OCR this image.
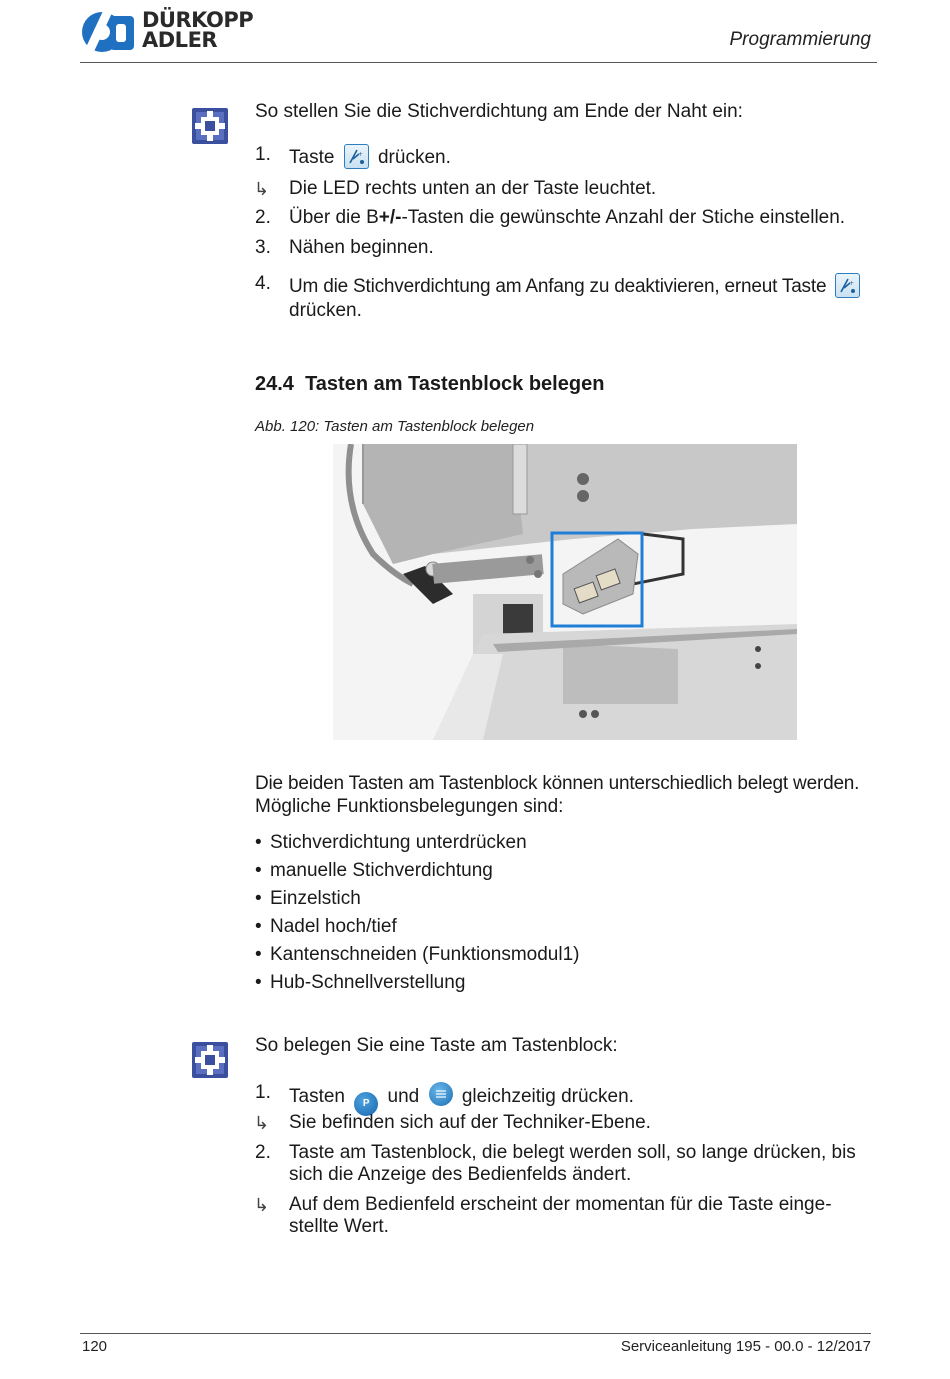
DÜRKOPP
ADLER	Programmierung
So stellen Sie die Stichverdichtung am Ende der Naht ein:
1. Taste	+ drücken.
↳ Die LED rechts unten an der Taste leuchtet.
2. Über die B+/--Tasten die gewünschte Anzahl der Stiche einstellen.
3. Nähen beginnen.
4. Um die Stichverdichtung am Anfang zu deaktivieren, erneut Taste	+
drücken.
24.4 Tasten am Tastenblock belegen
Abb. 120: Tasten am Tastenblock belegen
Die beiden Tasten am Tastenblock können unterschiedlich belegt werden.
Mögliche Funktionsbelegungen sind:
• Stichverdichtung unterdrücken
• manuelle Stichverdichtung
• Einzelstich
• Nadel hoch/tief
• Kantenschneiden (Funktionsmodul1)
• Hub-Schnellverstellung
So belegen Sie eine Taste am Tastenblock:
1. Tasten P und gleichzeitig drücken.
↳ Sie befinden sich auf der Techniker-Ebene.
2. Taste am Tastenblock, die belegt werden soll, so lange drücken, bis
sich die Anzeige des Bedienfelds ändert.
↳ Auf dem Bedienfeld erscheint der momentan für die Taste einge-
stellte Wert.
120	Serviceanleitung 195 - 00.0 - 12/2017
